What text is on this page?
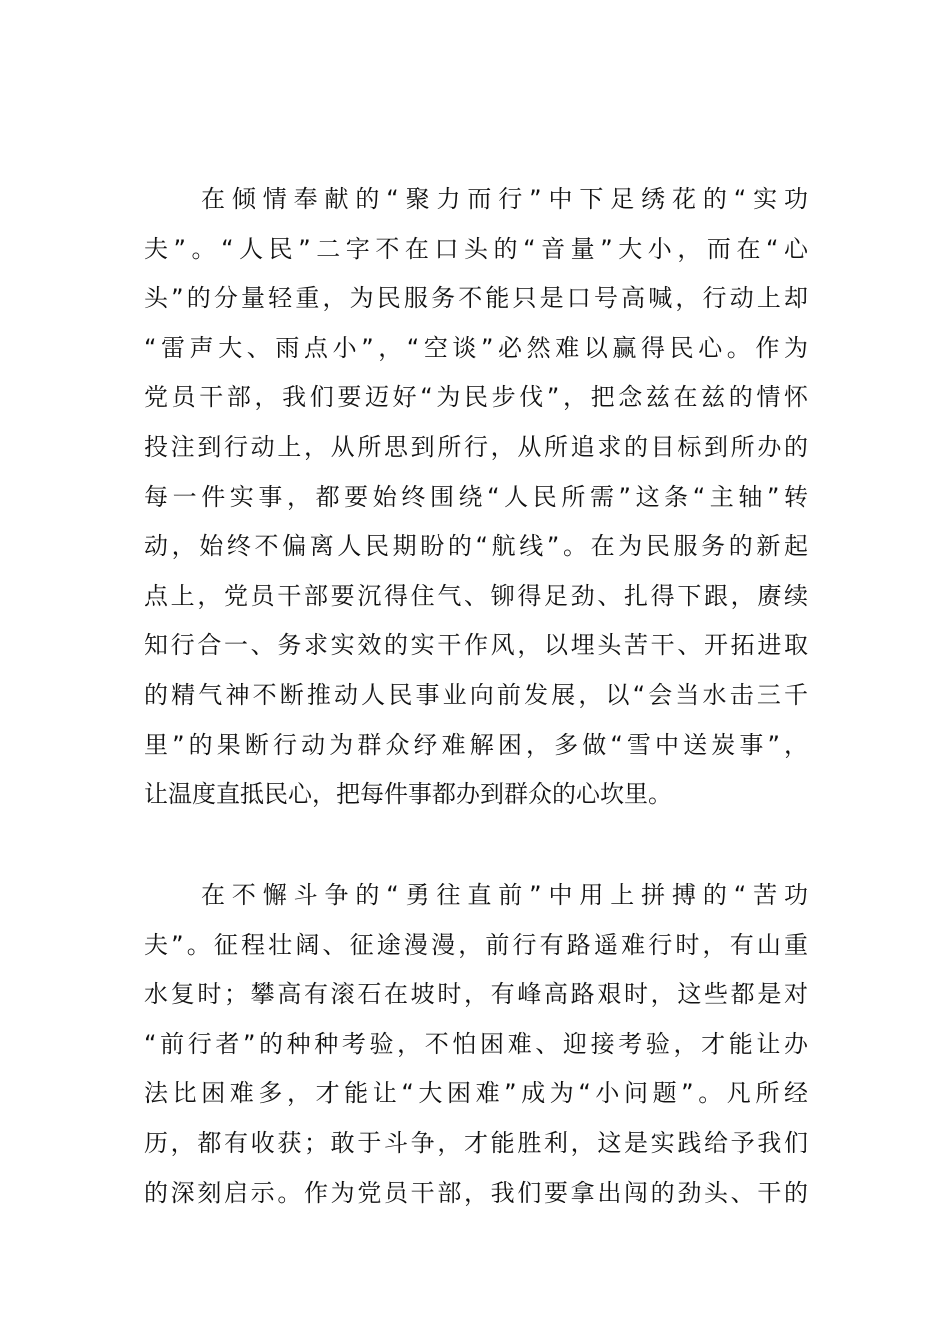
在倾情奉献的“聚力而行”中下足绣花的“实功
夫”。“人民”二字不在口头的“音量”大小，而在“心
头”的分量轻重，为民服务不能只是口号高喊，行动上却
“雷声大、雨点小”，“空谈”必然难以赢得民心。作为
党员干部，我们要迈好“为民步伐”，把念兹在兹的情怀
投注到行动上，从所思到所行，从所追求的目标到所办的
每一件实事，都要始终围绕“人民所需”这条“主轴”转
动，始终不偏离人民期盼的“航线”。在为民服务的新起
点上，党员干部要沉得住气、铆得足劲、扎得下跟，赓续
知行合一、务求实效的实干作风，以埋头苦干、开拓进取
的精气神不断推动人民事业向前发展，以“会当水击三千
里”的果断行动为群众纾难解困，多做“雪中送炭事”，
让温度直抵民心，把每件事都办到群众的心坎里。
在不懈斗争的“勇往直前”中用上拼搏的“苦功
夫”。征程壮阔、征途漫漫，前行有路遥难行时，有山重
水复时；攀高有滚石在坡时，有峰高路艰时，这些都是对
“前行者”的种种考验，不怕困难、迎接考验，才能让办
法比困难多，才能让“大困难”成为“小问题”。凡所经
历，都有收获；敢于斗争，才能胜利，这是实践给予我们
的深刻启示。作为党员干部，我们要拿出闯的劲头、干的
